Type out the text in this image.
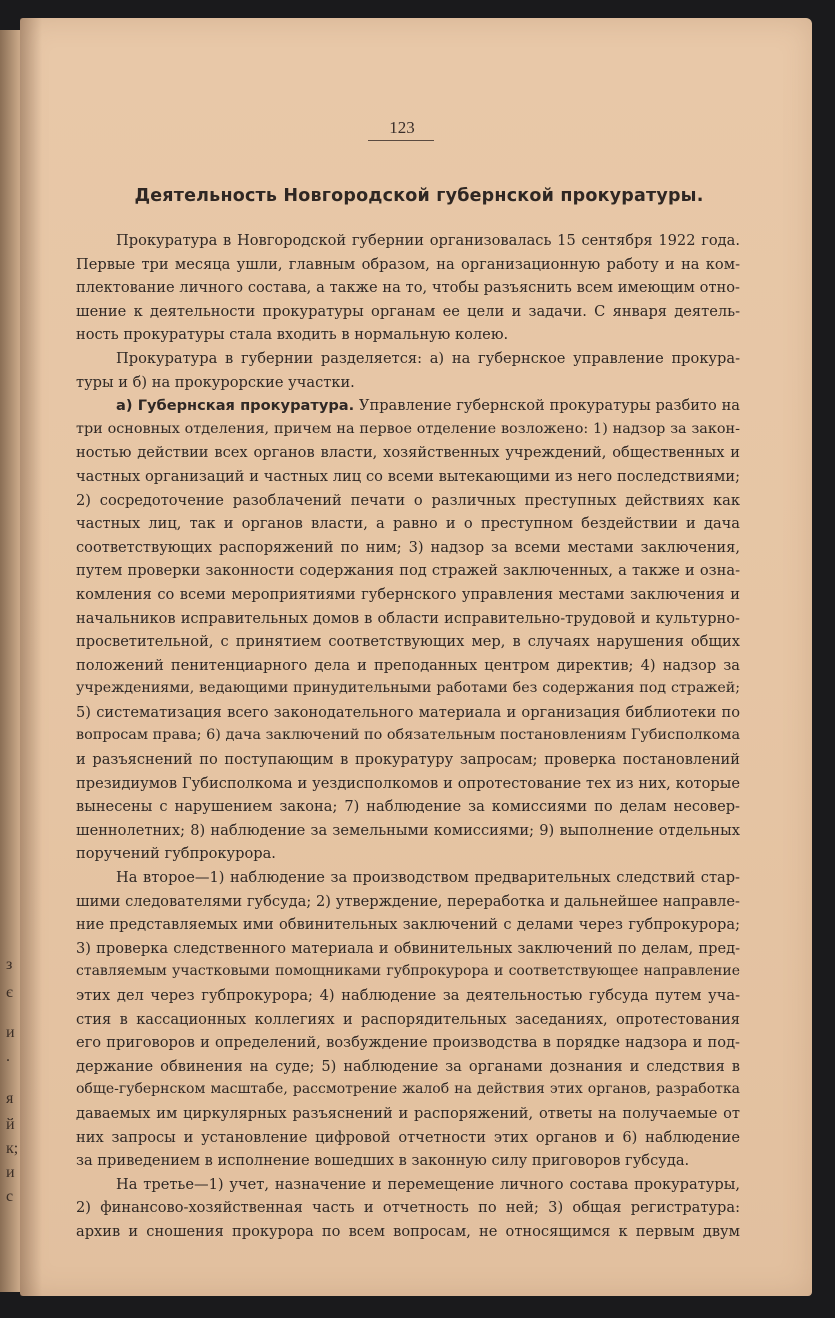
з
є
и
.
я
й
к;
и
с
123
Деятельность Новгородской губернской прокуратуры.
Прокуратура в Новгородской губернии организовалась 15 сентября 1922 года.
Первые три месяца ушли, главным образом, на организационную работу и на ком-
плектование личного состава, а также на то, чтобы разъяснить всем имеющим отно-
шение к деятельности прокуратуры органам ее цели и задачи. С января деятель-
ность прокуратуры стала входить в нормальную колею.
Прокуратура в губернии разделяется: а) на губернское управление прокура-
туры и б) на прокурорские участки.
а) Губернская прокуратура. Управление губернской прокуратуры разбито на
три основных отделения, причем на первое отделение возложено: 1) надзор за закон-
ностью действии всех органов власти, хозяйственных учреждений, общественных и
частных организаций и частных лиц со всеми вытекающими из него последствиями;
2) сосредоточение разоблачений печати о различных преступных действиях как
частных лиц, так и органов власти, а равно и о преступном бездействии и дача
соответствующих распоряжений по ним; 3) надзор за всеми местами заключения,
путем проверки законности содержания под стражей заключенных, а также и озна-
комления со всеми мероприятиями губернского управления местами заключения и
начальников исправительных домов в области исправительно-трудовой и культурно-
просветительной, с принятием соответствующих мер, в случаях нарушения общих
положений пенитенциарного дела и преподанных центром директив; 4) надзор за
учреждениями, ведающими принудительными работами без содержания под стражей;
5) систематизация всего законодательного материала и организация библиотеки по
вопросам права; 6) дача заключений по обязательным постановлениям Губисполкома
и разъяснений по поступающим в прокуратуру запросам; проверка постановлений
президиумов Губисполкома и уездисполкомов и опротестование тех из них, которые
вынесены с нарушением закона; 7) наблюдение за комиссиями по делам несовер-
шеннолетних; 8) наблюдение за земельными комиссиями; 9) выполнение отдельных
поручений губпрокурора.
На второе—1) наблюдение за производством предварительных следствий стар-
шими следователями губсуда; 2) утверждение, переработка и дальнейшее направле-
ние представляемых ими обвинительных заключений с делами через губпрокурора;
3) проверка следственного материала и обвинительных заключений по делам, пред-
ставляемым участковыми помощниками губпрокурора и соответствующее направление
этих дел через губпрокурора; 4) наблюдение за деятельностью губсуда путем уча-
стия в кассационных коллегиях и распорядительных заседаниях, опротестования
его приговоров и определений, возбуждение производства в порядке надзора и под-
держание обвинения на суде; 5) наблюдение за органами дознания и следствия в
обще-губернском масштабе, рассмотрение жалоб на действия этих органов, разработка
даваемых им циркулярных разъяснений и распоряжений, ответы на получаемые от
них запросы и установление цифровой отчетности этих органов и 6) наблюдение
за приведением в исполнение вошедших в законную силу приговоров губсуда.
На третье—1) учет, назначение и перемещение личного состава прокуратуры,
2) финансово-хозяйственная часть и отчетность по ней; 3) общая регистратура:
архив и сношения прокурора по всем вопросам, не относящимся к первым двум
